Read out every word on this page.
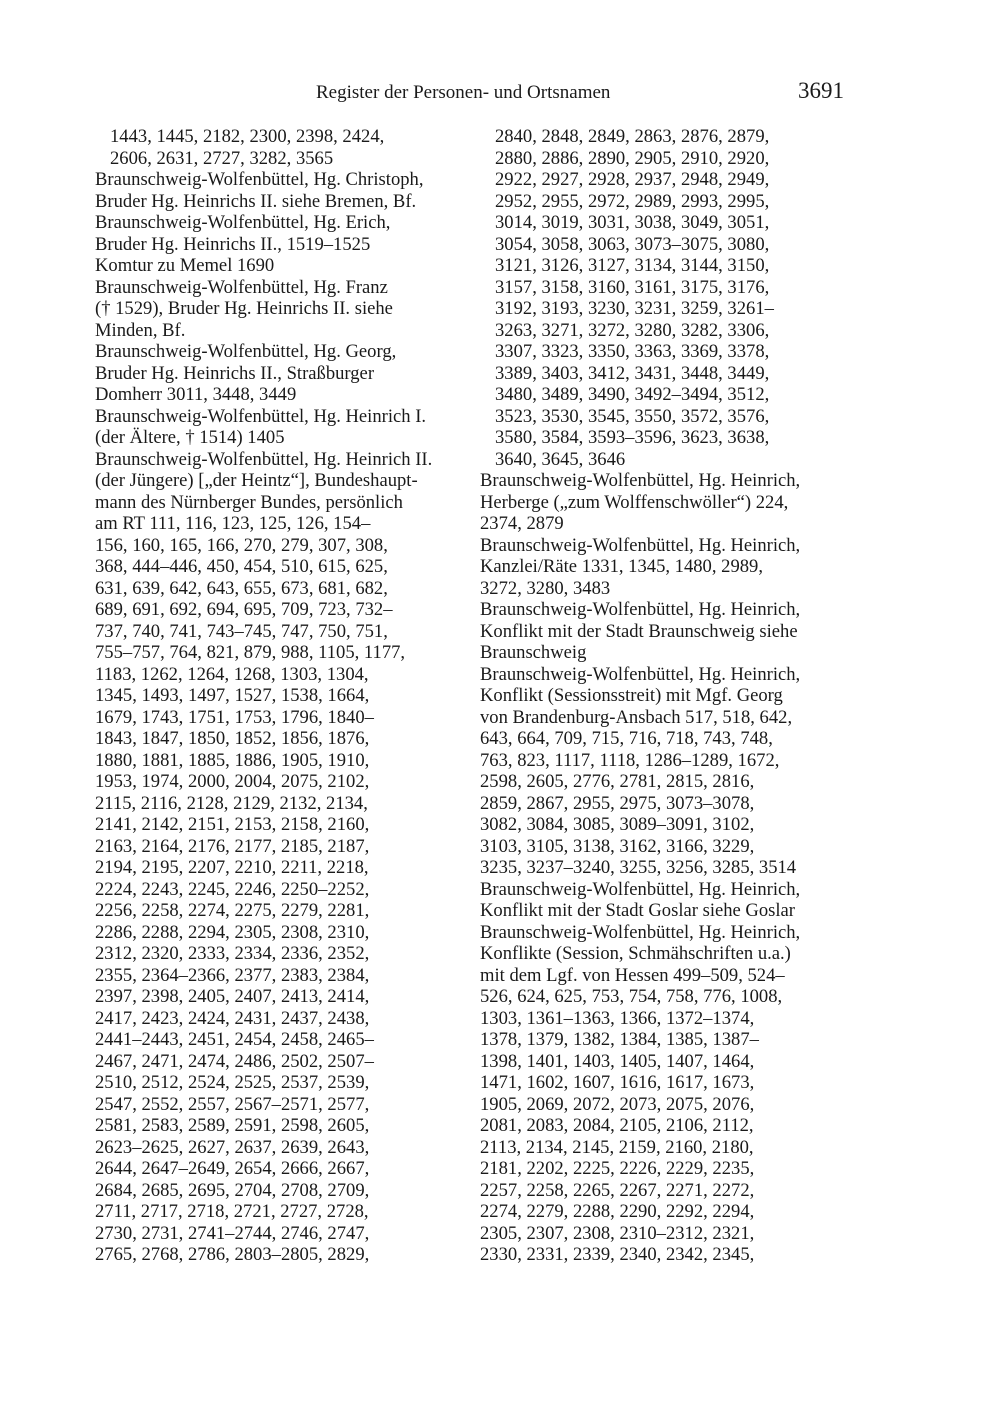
Register der Personen- und Ortsnamen	3691
1443, 1445, 2182, 2300, 2398, 2424,
2606, 2631, 2727, 3282, 3565
Braunschweig-Wolfenbüttel, Hg. Christoph,
Bruder Hg. Heinrichs II. siehe Bremen, Bf.
Braunschweig-Wolfenbüttel, Hg. Erich,
Bruder Hg. Heinrichs II., 1519–1525
Komtur zu Memel 1690
Braunschweig-Wolfenbüttel, Hg. Franz
(† 1529), Bruder Hg. Heinrichs II. siehe
Minden, Bf.
Braunschweig-Wolfenbüttel, Hg. Georg,
Bruder Hg. Heinrichs II., Straßburger
Domherr 3011, 3448, 3449
Braunschweig-Wolfenbüttel, Hg. Heinrich I.
(der Ältere, † 1514) 1405
Braunschweig-Wolfenbüttel, Hg. Heinrich II.
(der Jüngere) [„der Heintz“], Bundeshaupt-
mann des Nürnberger Bundes, persönlich
am RT 111, 116, 123, 125, 126, 154–
156, 160, 165, 166, 270, 279, 307, 308,
368, 444–446, 450, 454, 510, 615, 625,
631, 639, 642, 643, 655, 673, 681, 682,
689, 691, 692, 694, 695, 709, 723, 732–
737, 740, 741, 743–745, 747, 750, 751,
755–757, 764, 821, 879, 988, 1105, 1177,
1183, 1262, 1264, 1268, 1303, 1304,
1345, 1493, 1497, 1527, 1538, 1664,
1679, 1743, 1751, 1753, 1796, 1840–
1843, 1847, 1850, 1852, 1856, 1876,
1880, 1881, 1885, 1886, 1905, 1910,
1953, 1974, 2000, 2004, 2075, 2102,
2115, 2116, 2128, 2129, 2132, 2134,
2141, 2142, 2151, 2153, 2158, 2160,
2163, 2164, 2176, 2177, 2185, 2187,
2194, 2195, 2207, 2210, 2211, 2218,
2224, 2243, 2245, 2246, 2250–2252,
2256, 2258, 2274, 2275, 2279, 2281,
2286, 2288, 2294, 2305, 2308, 2310,
2312, 2320, 2333, 2334, 2336, 2352,
2355, 2364–2366, 2377, 2383, 2384,
2397, 2398, 2405, 2407, 2413, 2414,
2417, 2423, 2424, 2431, 2437, 2438,
2441–2443, 2451, 2454, 2458, 2465–
2467, 2471, 2474, 2486, 2502, 2507–
2510, 2512, 2524, 2525, 2537, 2539,
2547, 2552, 2557, 2567–2571, 2577,
2581, 2583, 2589, 2591, 2598, 2605,
2623–2625, 2627, 2637, 2639, 2643,
2644, 2647–2649, 2654, 2666, 2667,
2684, 2685, 2695, 2704, 2708, 2709,
2711, 2717, 2718, 2721, 2727, 2728,
2730, 2731, 2741–2744, 2746, 2747,
2765, 2768, 2786, 2803–2805, 2829,
2840, 2848, 2849, 2863, 2876, 2879,
2880, 2886, 2890, 2905, 2910, 2920,
2922, 2927, 2928, 2937, 2948, 2949,
2952, 2955, 2972, 2989, 2993, 2995,
3014, 3019, 3031, 3038, 3049, 3051,
3054, 3058, 3063, 3073–3075, 3080,
3121, 3126, 3127, 3134, 3144, 3150,
3157, 3158, 3160, 3161, 3175, 3176,
3192, 3193, 3230, 3231, 3259, 3261–
3263, 3271, 3272, 3280, 3282, 3306,
3307, 3323, 3350, 3363, 3369, 3378,
3389, 3403, 3412, 3431, 3448, 3449,
3480, 3489, 3490, 3492–3494, 3512,
3523, 3530, 3545, 3550, 3572, 3576,
3580, 3584, 3593–3596, 3623, 3638,
3640, 3645, 3646
Braunschweig-Wolfenbüttel, Hg. Heinrich,
Herberge („zum Wolffenschwöller“) 224,
2374, 2879
Braunschweig-Wolfenbüttel, Hg. Heinrich,
Kanzlei/Räte 1331, 1345, 1480, 2989,
3272, 3280, 3483
Braunschweig-Wolfenbüttel, Hg. Heinrich,
Konflikt mit der Stadt Braunschweig siehe
Braunschweig
Braunschweig-Wolfenbüttel, Hg. Heinrich,
Konflikt (Sessionsstreit) mit Mgf. Georg
von Brandenburg-Ansbach 517, 518, 642,
643, 664, 709, 715, 716, 718, 743, 748,
763, 823, 1117, 1118, 1286–1289, 1672,
2598, 2605, 2776, 2781, 2815, 2816,
2859, 2867, 2955, 2975, 3073–3078,
3082, 3084, 3085, 3089–3091, 3102,
3103, 3105, 3138, 3162, 3166, 3229,
3235, 3237–3240, 3255, 3256, 3285, 3514
Braunschweig-Wolfenbüttel, Hg. Heinrich,
Konflikt mit der Stadt Goslar siehe Goslar
Braunschweig-Wolfenbüttel, Hg. Heinrich,
Konflikte (Session, Schmähschriften u.a.)
mit dem Lgf. von Hessen 499–509, 524–
526, 624, 625, 753, 754, 758, 776, 1008,
1303, 1361–1363, 1366, 1372–1374,
1378, 1379, 1382, 1384, 1385, 1387–
1398, 1401, 1403, 1405, 1407, 1464,
1471, 1602, 1607, 1616, 1617, 1673,
1905, 2069, 2072, 2073, 2075, 2076,
2081, 2083, 2084, 2105, 2106, 2112,
2113, 2134, 2145, 2159, 2160, 2180,
2181, 2202, 2225, 2226, 2229, 2235,
2257, 2258, 2265, 2267, 2271, 2272,
2274, 2279, 2288, 2290, 2292, 2294,
2305, 2307, 2308, 2310–2312, 2321,
2330, 2331, 2339, 2340, 2342, 2345,
